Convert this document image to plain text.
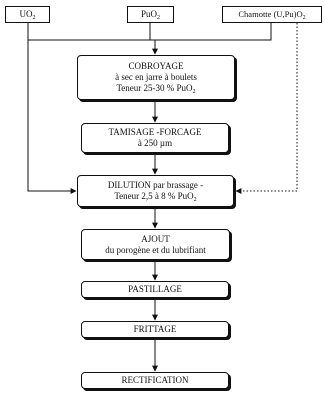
$UO_2$	PuO$_2$	Chamotte $(U,Pu)O_2$
COBROYAGE
à sec en jarre à boulets
Teneur 25-30 % PuO$_2$
TAMISAGE -FORCAGE
à 250 µm
DILUTION par brassage -
Teneur 2,5 à 8 % PuO$_2$
AJOUT
du porogène et du lubrifiant
PASTILLAGE
FRITTAGE
RECTIFICATION
